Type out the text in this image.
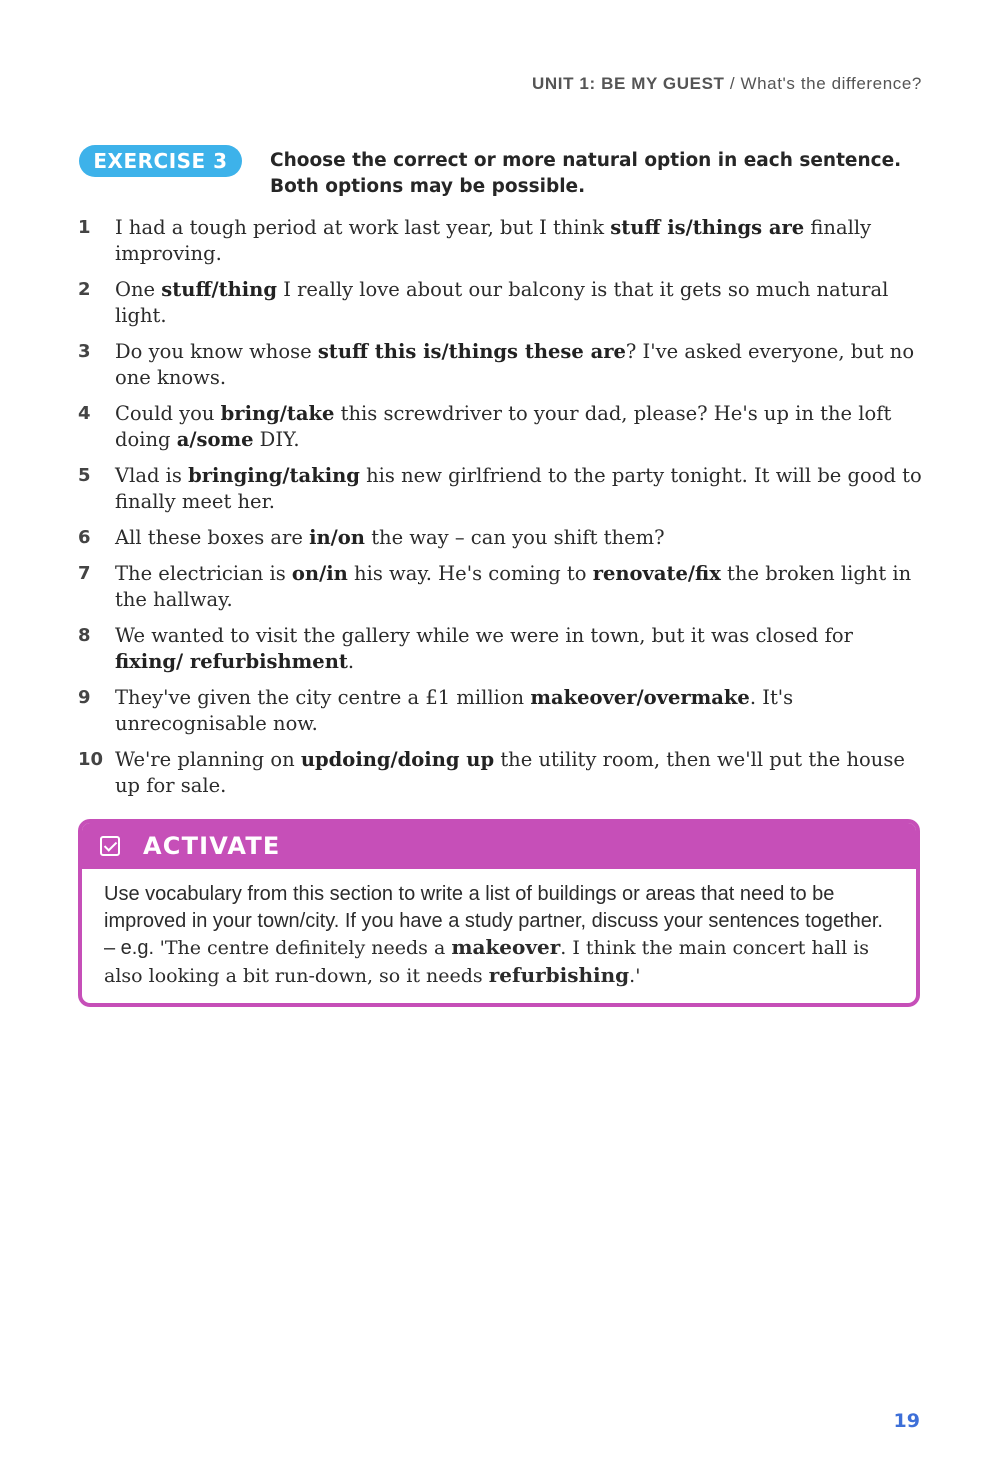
UNIT 1: BE MY GUEST / What's the difference?
EXERCISE 3	Choose the correct or more natural option in each sentence.
Both options may be possible.
1 I had a tough period at work last year, but I think stuff is/things are finally improving.
2 One stuff/thing I really love about our balcony is that it gets so much natural light.
3 Do you know whose stuff this is/things these are? I've asked everyone, but no one knows.
4 Could you bring/take this screwdriver to your dad, please? He's up in the loft doing a/some DIY.
5 Vlad is bringing/taking his new girlfriend to the party tonight. It will be good to finally meet her.
6 All these boxes are in/on the way – can you shift them?
7 The electrician is on/in his way. He's coming to renovate/fix the broken light in the hallway.
8 We wanted to visit the gallery while we were in town, but it was closed for fixing/ refurbishment.
9 They've given the city centre a £1 million makeover/overmake. It's unrecognisable now.
10 We're planning on updoing/doing up the utility room, then we'll put the house up for sale.
ACTIVATE
Use vocabulary from this section to write a list of buildings or areas that need to be improved in your town/city. If you have a study partner, discuss your sentences together. – e.g. 'The centre definitely needs a makeover. I think the main concert hall is also looking a bit run-down, so it needs refurbishing.'
19
